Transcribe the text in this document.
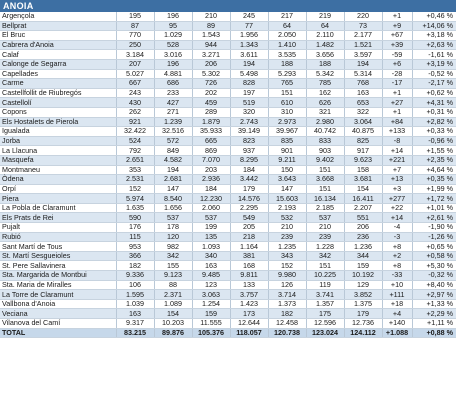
ANOIA									
Argençola	195	196	210	245	217	219	220	+1	+0,46 %
Bellprat	87	95	89	77	64	64	73	+9	+14,06 %
El Bruc	770	1.029	1.543	1.956	2.050	2.110	2.177	+67	+3,18 %
Cabrera d'Anoia	250	528	944	1.343	1.410	1.482	1.521	+39	+2,63 %
Calaf	3.184	3.016	3.271	3.611	3.535	3.656	3.597	-59	-1,61 %
Calonge de Segarra	207	196	206	194	188	188	194	+6	+3,19 %
Capellades	5.027	4.881	5.302	5.498	5.293	5.342	5.314	-28	-0,52 %
Carme	667	686	726	828	765	785	768	-17	-2,17 %
Castellfollit de Riubregós	243	233	202	197	151	162	163	+1	+0,62 %
Castellolí	430	427	459	519	610	626	653	+27	+4,31 %
Copons	262	271	289	320	310	321	322	+1	+0,31 %
Els Hostalets de Pierola	921	1.239	1.879	2.743	2.973	2.980	3.064	+84	+2,82 %
Igualada	32.422	32.516	35.933	39.149	39.967	40.742	40.875	+133	+0,33 %
Jorba	524	572	665	823	835	833	825	-8	-0,96 %
La Llacuna	792	849	869	937	901	903	917	+14	+1,55 %
Masquefa	2.651	4.582	7.070	8.295	9.211	9.402	9.623	+221	+2,35 %
Montmaneu	353	194	203	184	150	151	158	+7	+4,64 %
Òdena	2.531	2.681	2.936	3.442	3.643	3.668	3.681	+13	+0,35 %
Orpí	152	147	184	179	147	151	154	+3	+1,99 %
Piera	5.974	8.540	12.230	14.576	15.603	16.134	16.411	+277	+1,72 %
La Pobla de Claramunt	1.635	1.656	2.060	2.295	2.193	2.185	2.207	+22	+1,01 %
Els Prats de Rei	590	537	537	549	532	537	551	+14	+2,61 %
Pujalt	176	178	199	205	210	210	206	-4	-1,90 %
Rubió	115	120	135	218	239	239	236	-3	-1,26 %
Sant Martí de Tous	953	982	1.093	1.164	1.235	1.228	1.236	+8	+0,65 %
St. Martí Sesgueioles	366	342	340	381	343	342	344	+2	+0,58 %
St. Pere Sallavinera	182	155	163	168	152	151	159	+8	+5,30 %
Sta. Margarida de Montbui	9.336	9.123	9.485	9.811	9.980	10.225	10.192	-33	-0,32 %
Sta. Maria de Miralles	106	88	123	133	126	119	129	+10	+8,40 %
La Torre de Claramunt	1.595	2.371	3.063	3.757	3.714	3.741	3.852	+111	+2,97 %
Vallbona d'Anoia	1.039	1.089	1.254	1.423	1.373	1.357	1.375	+18	+1,33 %
Veciana	163	154	159	173	182	175	179	+4	+2,29 %
Vilanova del Camí	9.317	10.203	11.555	12.644	12.458	12.596	12.736	+140	+1,11 %
TOTAL	83.215	89.876	105.376	118.057	120.738	123.024	124.112	+1.088	+0,88 %
